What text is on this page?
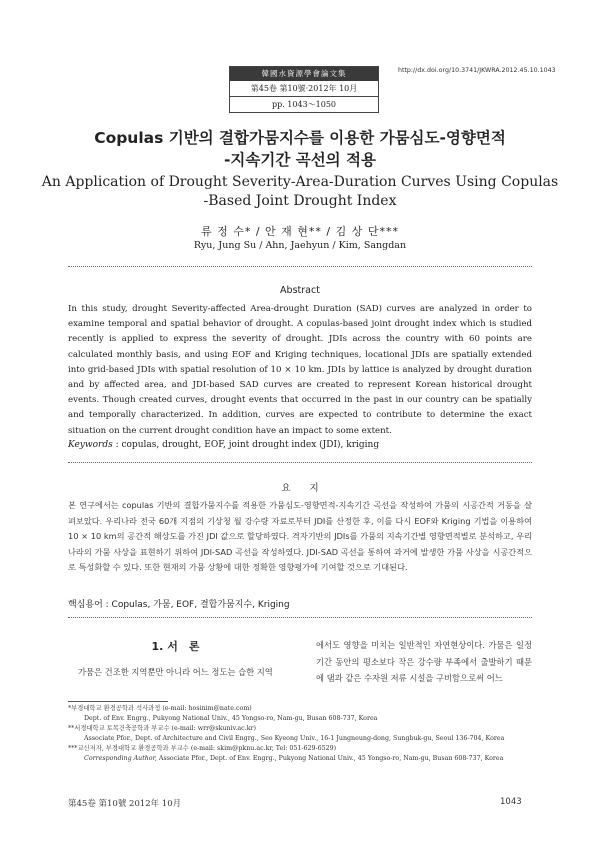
韓國水資源學會論文集
第45卷 第10號·2012年 10月
pp. 1043～1050
http://dx.doi.org/10.3741/JKWRA.2012.45.10.1043
Copulas 기반의 결합가뭄지수를 이용한 가뭄심도-영향면적
-지속기간 곡선의 적용
An Application of Drought Severity-Area-Duration Curves Using Copulas
-Based Joint Drought Index
류 정 수* / 안 재 현** / 김 상 단***
Ryu, Jung Su / Ahn, Jaehyun / Kim, Sangdan
Abstract
In this study, drought Severity-affected Area-drought Duration (SAD) curves are analyzed in order to examine temporal and spatial behavior of drought. A copulas-based joint drought index which is studied recently is applied to express the severity of drought. JDIs across the country with 60 points are calculated monthly basis, and using EOF and Kriging techniques, locational JDIs are spatially extended into grid-based JDIs with spatial resolution of 10 × 10 km. JDIs by lattice is analyzed by drought duration and by affected area, and JDI-based SAD curves are created to represent Korean historical drought events. Though created curves, drought events that occurred in the past in our country can be spatially and temporally characterized. In addition, curves are expected to contribute to determine the exact situation on the current drought condition have an impact to some extent.
Keywords : copulas, drought, EOF, joint drought index (JDI), kriging
요　　지
본 연구에서는 copulas 기반의 결합가뭄지수를 적용한 가뭄심도-영향면적-지속기간 곡선을 작성하여 가뭄의 시공간적 거동을 살펴보았다. 우리나라 전국 60개 지점의 기상청 월 강수량 자료로부터 JDI를 산정한 후, 이를 다시 EOF와 Kriging 기법을 이용하여 10 × 10 km의 공간적 해상도를 가진 JDI 값으로 할당하였다. 격자기반의 JDIs를 가뭄의 지속기간별 영향면적별로 분석하고, 우리나라의 가뭄 사상을 표현하기 위하여 JDI-SAD 곡선을 작성하였다. JDI-SAD 곡선을 통하여 과거에 발생한 가뭄 사상을 시공간적으로 특성화할 수 있다. 또한 현재의 가뭄 상황에 대한 정확한 영향평가에 기여할 것으로 기대된다.
핵심용어 : Copulas, 가뭄, EOF, 결합가뭄지수, Kriging
1. 서　론
가뭄은 건조한 지역뿐만 아니라 어느 정도는 습한 지역
에서도 영향을 미치는 일반적인 자연현상이다. 가뭄은 일정 기간 동안의 평소보다 작은 강수량 부족에서 출발하기 때문에 댐과 같은 수자원 저류 시설을 구비함으로써 어느
*부경대학교 환경공학과 석사과정 (e-mail: hosinim@nate.com)
Dept. of Env. Engrg., Pukyong National Univ., 45 Yongso-ro, Nam-gu, Busan 608-737, Korea
**서경대학교 토목건축공학과 부교수 (e-mail: wrr@skuniv.ac.kr)
Associate Pfor., Dept. of Architecture and Civil Engrg., Seo Kyeong Univ., 16-1 Jungneung-dong, Sungbuk-gu, Seoul 136-704, Korea
***교신저자, 부경대학교 환경공학과 부교수 (e-mail: skim@pknu.ac.kr, Tel: 051-629-6529)
Corresponding Author, Associate Pfor., Dept. of Env. Engrg., Pukyong National Univ., 45 Yongso-ro, Nam-gu, Busan 608-737, Korea
第45卷 第10號 2012年 10月	1043
